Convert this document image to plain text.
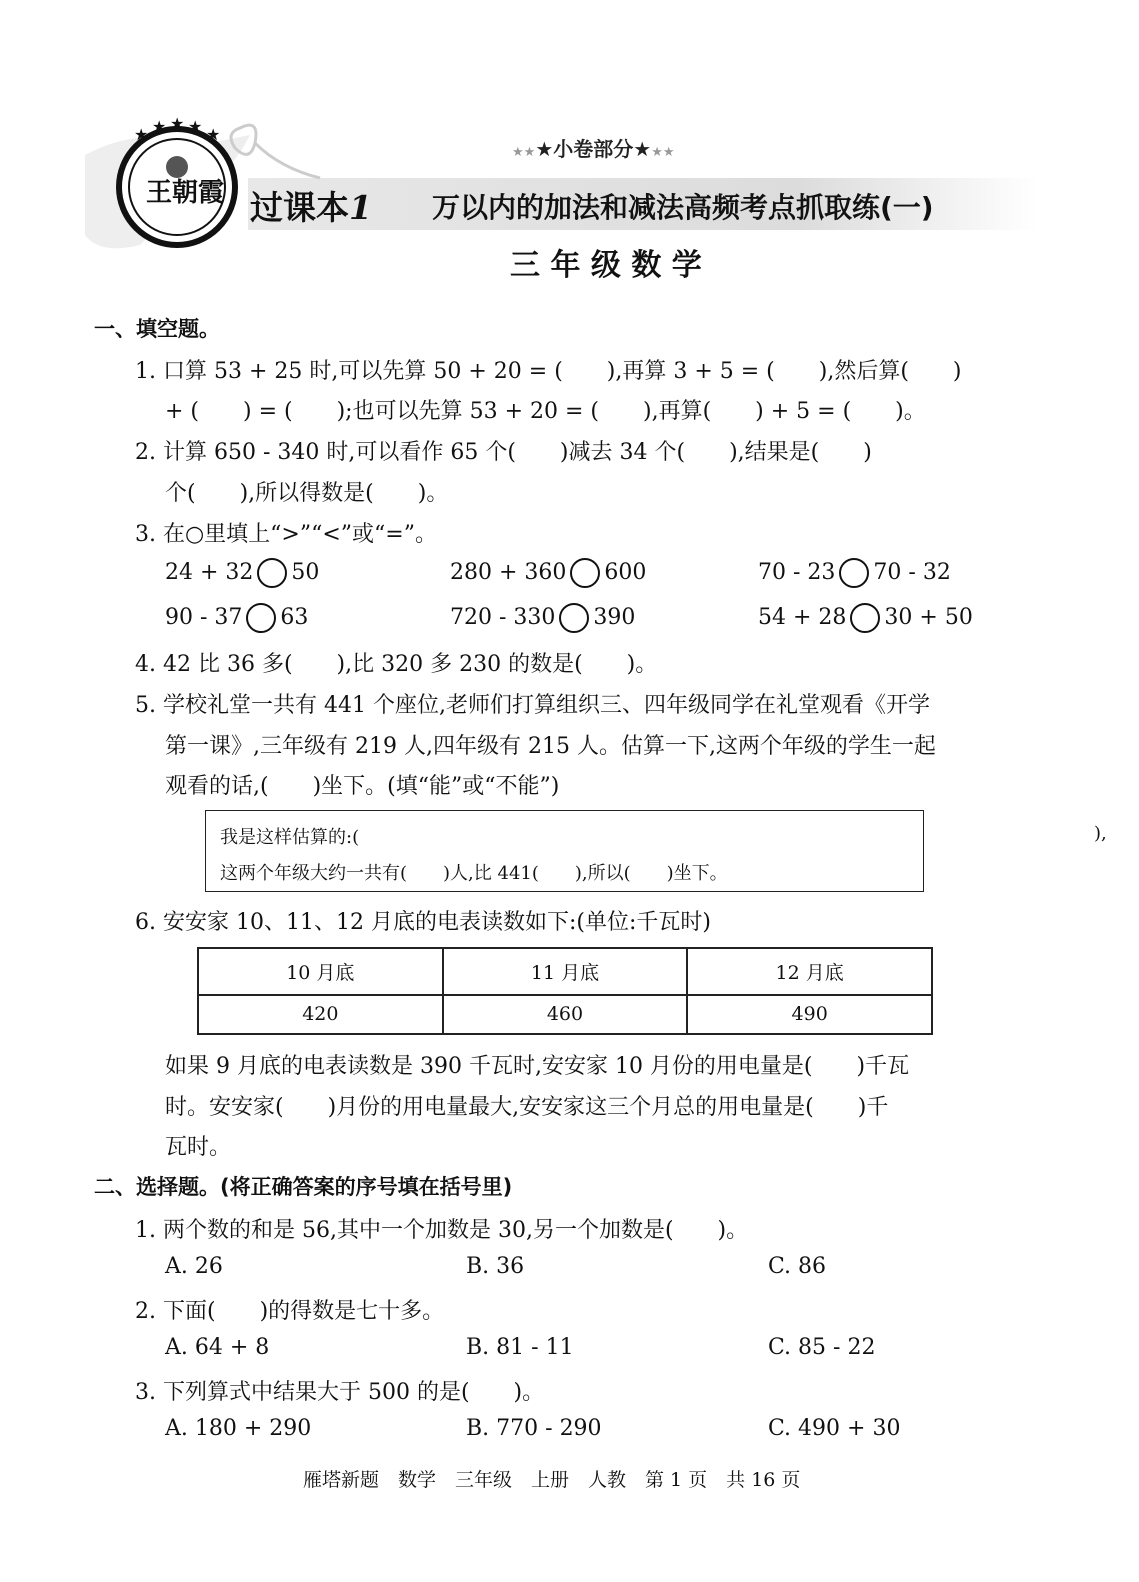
★ ★ ★ ★ ★
王朝霞
★★★小卷部分★★★
过课本1 万以内的加法和减法高频考点抓取练(一)
三 年 级 数 学
一、填空题。
1. 口算 53 + 25 时,可以先算 50 + 20 = (　　),再算 3 + 5 = (　　),然后算(　　)
+ (　　) = (　　);也可以先算 53 + 20 = (　　),再算(　　) + 5 = (　　)。
2. 计算 650 - 340 时,可以看作 65 个(　　)减去 34 个(　　),结果是(　　)
个(　　),所以得数是(　　)。
3. 在○里填上“>”“<”或“=”。
24 + 32 50	280 + 360 600	70 - 23 70 - 32
90 - 37 63	720 - 330 390	54 + 28 30 + 50
4. 42 比 36 多(　　),比 320 多 230 的数是(　　)。
5. 学校礼堂一共有 441 个座位,老师们打算组织三、四年级同学在礼堂观看《开学
第一课》,三年级有 219 人,四年级有 215 人。估算一下,这两个年级的学生一起
观看的话,(　　)坐下。(填“能”或“不能”)
我是这样估算的:(	),
这两个年级大约一共有(　　)人,比 441(　　),所以(　　)坐下。
6. 安安家 10、11、12 月底的电表读数如下:(单位:千瓦时)
10 月底	11 月底	12 月底
420	460	490
如果 9 月底的电表读数是 390 千瓦时,安安家 10 月份的用电量是(　　)千瓦
时。安安家(　　)月份的用电量最大,安安家这三个月总的用电量是(　　)千
瓦时。
二、选择题。(将正确答案的序号填在括号里)
1. 两个数的和是 56,其中一个加数是 30,另一个加数是(　　)。
A. 26	B. 36	C. 86
2. 下面(　　)的得数是七十多。
A. 64 + 8	B. 81 - 11	C. 85 - 22
3. 下列算式中结果大于 500 的是(　　)。
A. 180 + 290	B. 770 - 290	C. 490 + 30
雁塔新题　数学　三年级　上册　人教　第 1 页　共 16 页
